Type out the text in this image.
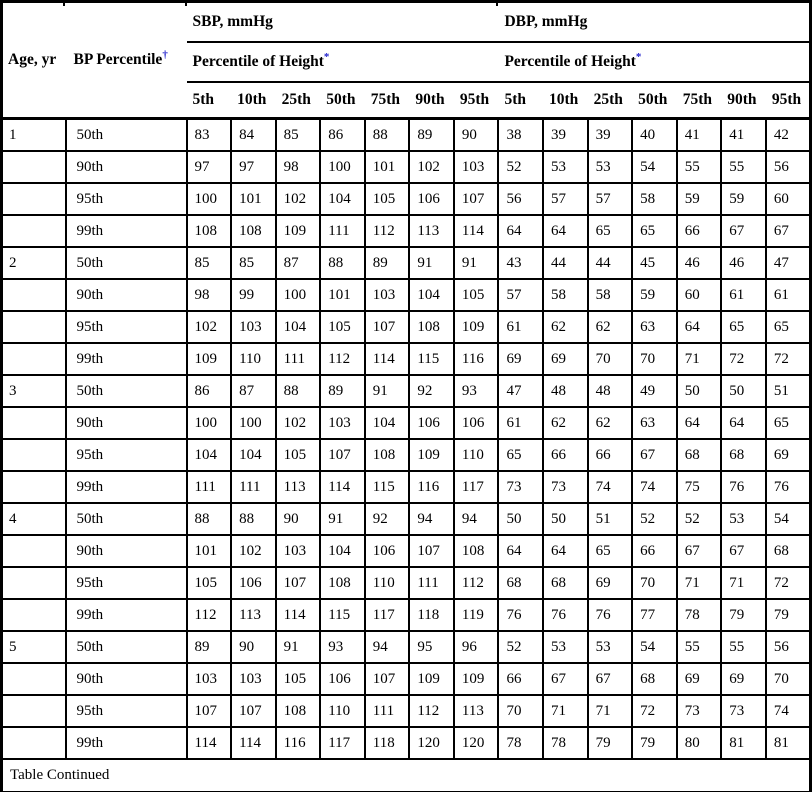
Age, yr	BP Percentile†	SBP, mmHg							DBP, mmHg						
		Percentile of Height*							Percentile of Height*
		5th	10th	25th	50th	75th	90th	95th	5th	10th	25th	50th	75th	90th	95th
1	50th	83	84	85	86	88	89	90	38	39	39	40	41	41	42
	90th	97	97	98	100	101	102	103	52	53	53	54	55	55	56
	95th	100	101	102	104	105	106	107	56	57	57	58	59	59	60
	99th	108	108	109	111	112	113	114	64	64	65	65	66	67	67
2	50th	85	85	87	88	89	91	91	43	44	44	45	46	46	47
	90th	98	99	100	101	103	104	105	57	58	58	59	60	61	61
	95th	102	103	104	105	107	108	109	61	62	62	63	64	65	65
	99th	109	110	111	112	114	115	116	69	69	70	70	71	72	72
3	50th	86	87	88	89	91	92	93	47	48	48	49	50	50	51
	90th	100	100	102	103	104	106	106	61	62	62	63	64	64	65
	95th	104	104	105	107	108	109	110	65	66	66	67	68	68	69
	99th	111	111	113	114	115	116	117	73	73	74	74	75	76	76
4	50th	88	88	90	91	92	94	94	50	50	51	52	52	53	54
	90th	101	102	103	104	106	107	108	64	64	65	66	67	67	68
	95th	105	106	107	108	110	111	112	68	68	69	70	71	71	72
	99th	112	113	114	115	117	118	119	76	76	76	77	78	79	79
5	50th	89	90	91	93	94	95	96	52	53	53	54	55	55	56
	90th	103	103	105	106	107	109	109	66	67	67	68	69	69	70
	95th	107	107	108	110	111	112	113	70	71	71	72	73	73	74
	99th	114	114	116	117	118	120	120	78	78	79	79	80	81	81
Table Continued															
